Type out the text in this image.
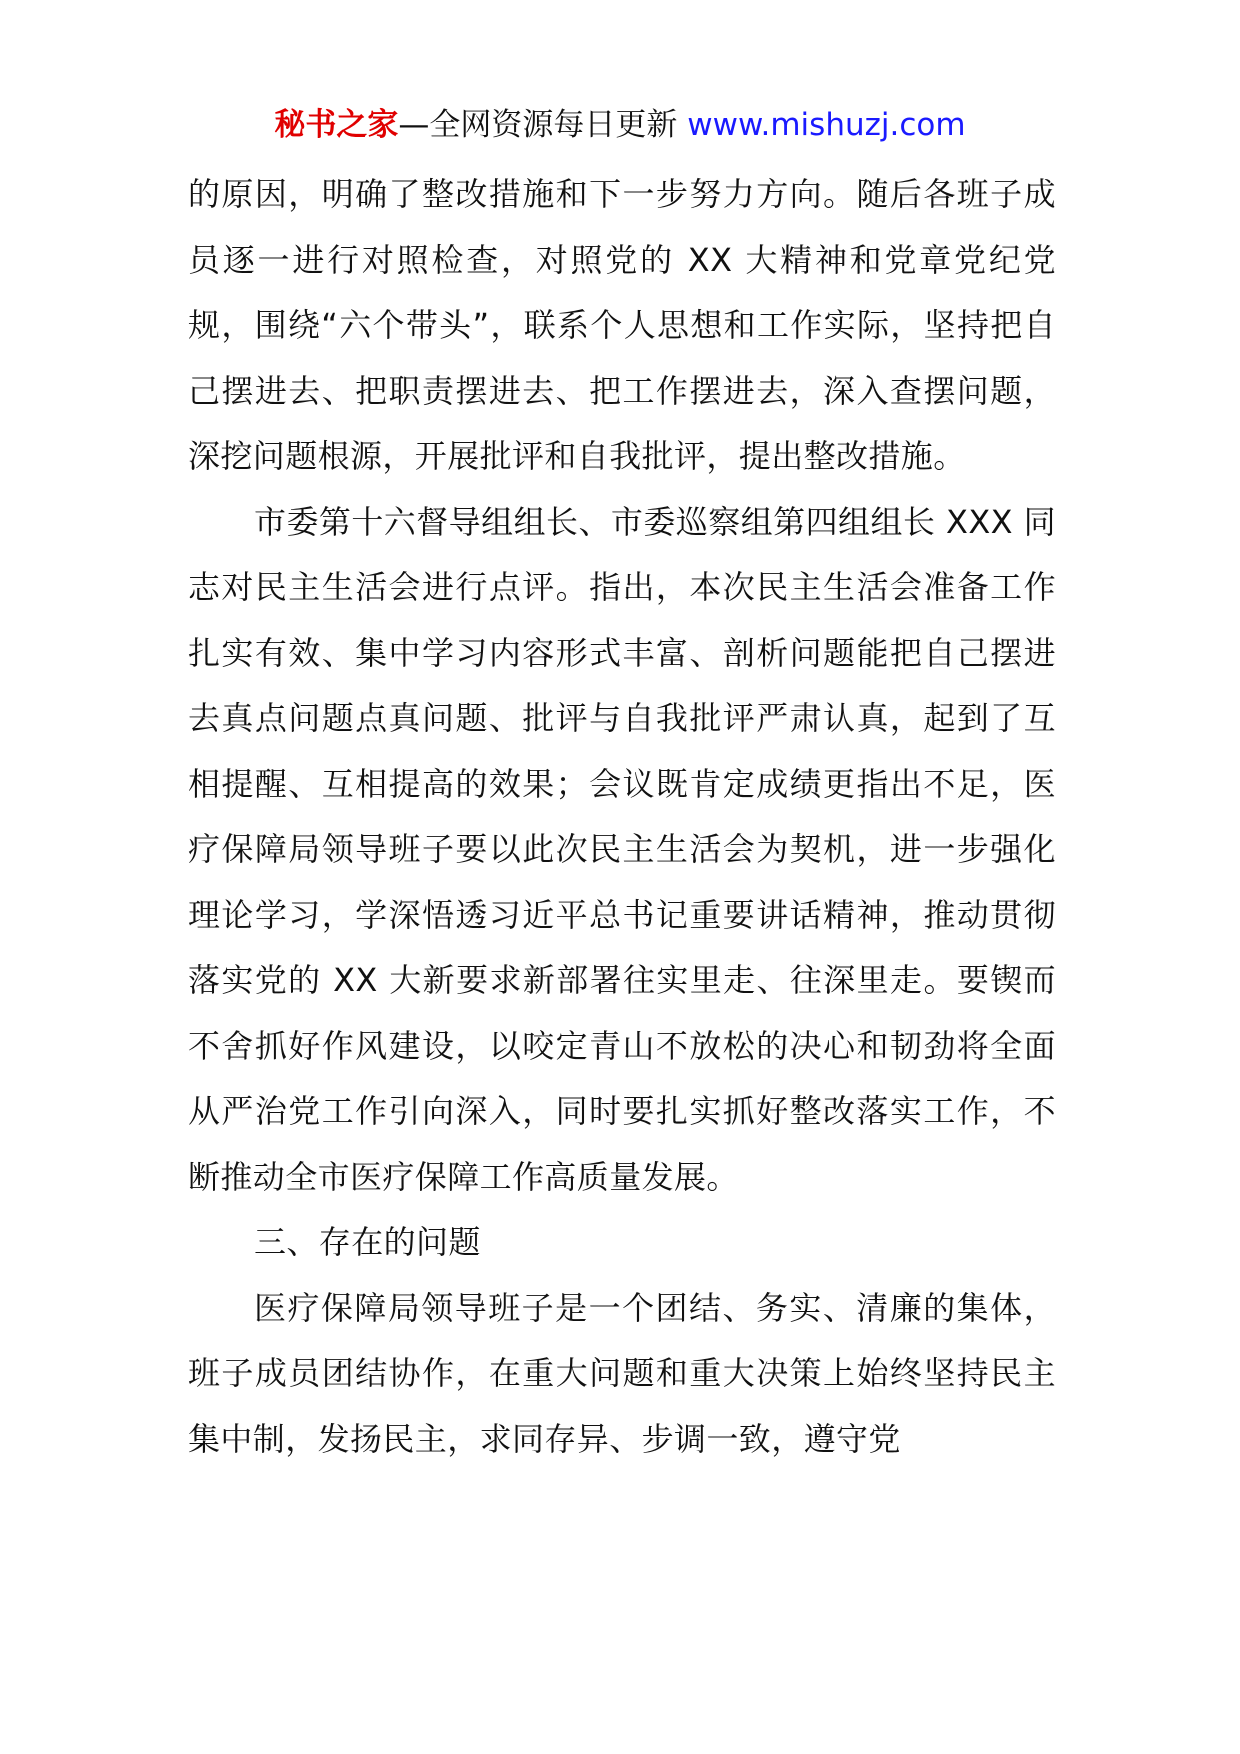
秘书之家—全网资源每日更新 www.mishuzj.com

的原因，明确了整改措施和下一步努力方向。随后各班子成员逐一进行对照检查，对照党的 XX 大精神和党章党纪党规，围绕“六个带头”，联系个人思想和工作实际，坚持把自己摆进去、把职责摆进去、把工作摆进去，深入查摆问题，深挖问题根源，开展批评和自我批评，提出整改措施。

市委第十六督导组组长、市委巡察组第四组组长 XXX 同志对民主生活会进行点评。指出，本次民主生活会准备工作扎实有效、集中学习内容形式丰富、剖析问题能把自己摆进去真点问题点真问题、批评与自我批评严肃认真，起到了互相提醒、互相提高的效果；会议既肯定成绩更指出不足，医疗保障局领导班子要以此次民主生活会为契机，进一步强化理论学习，学深悟透习近平总书记重要讲话精神，推动贯彻落实党的 XX 大新要求新部署往实里走、往深里走。要锲而不舍抓好作风建设，以咬定青山不放松的决心和韧劲将全面从严治党工作引向深入，同时要扎实抓好整改落实工作，不断推动全市医疗保障工作高质量发展。

三、存在的问题

医疗保障局领导班子是一个团结、务实、清廉的集体，班子成员团结协作，在重大问题和重大决策上始终坚持民主集中制，发扬民主，求同存异、步调一致，遵守党
